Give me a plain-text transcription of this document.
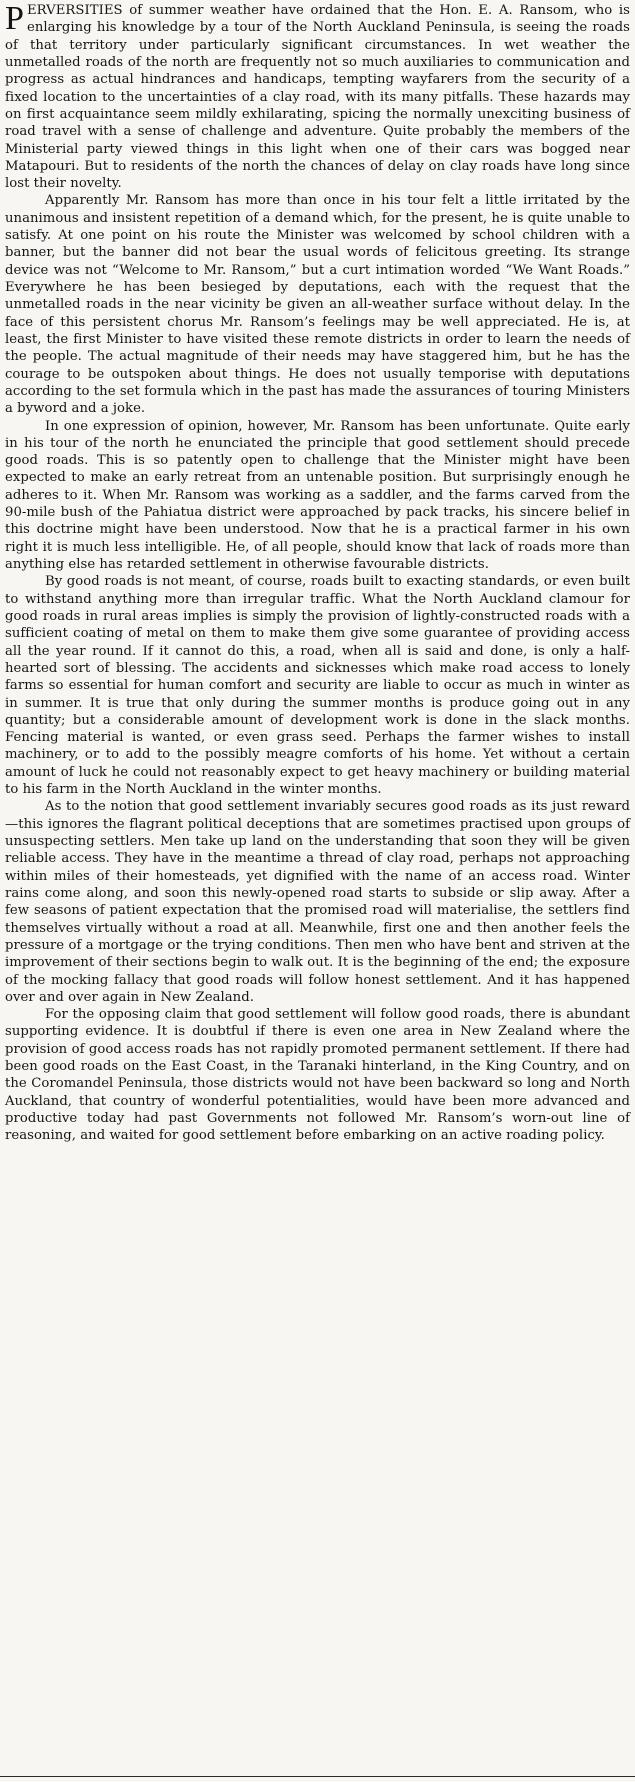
PERVERSITIES of summer weather have ordained that the Hon. E. A. Ransom, who is enlarging his knowledge by a tour of the North Auckland Peninsula, is seeing the roads of that territory under particularly significant circumstances. In wet weather the unmetalled roads of the north are frequently not so much auxiliaries to communication and progress as actual hindrances and handicaps, tempting wayfarers from the security of a fixed location to the uncertainties of a clay road, with its many pitfalls. These hazards may on first acquaintance seem mildly exhilarating, spicing the normally unexciting business of road travel with a sense of challenge and adventure. Quite probably the members of the Ministerial party viewed things in this light when one of their cars was bogged near Matapouri. But to residents of the north the chances of delay on clay roads have long since lost their novelty.

Apparently Mr. Ransom has more than once in his tour felt a little irritated by the unanimous and insistent repetition of a demand which, for the present, he is quite unable to satisfy. At one point on his route the Minister was welcomed by school children with a banner, but the banner did not bear the usual words of felicitous greeting. Its strange device was not “Welcome to Mr. Ransom,” but a curt intimation worded “We Want Roads.” Everywhere he has been besieged by deputations, each with the request that the unmetalled roads in the near vicinity be given an all-weather surface without delay. In the face of this persistent chorus Mr. Ransom’s feelings may be well appreciated. He is, at least, the first Minister to have visited these remote districts in order to learn the needs of the people. The actual magnitude of their needs may have staggered him, but he has the courage to be outspoken about things. He does not usually temporise with deputations according to the set formula which in the past has made the assurances of touring Ministers a byword and a joke.

In one expression of opinion, however, Mr. Ransom has been unfortunate. Quite early in his tour of the north he enunciated the principle that good settlement should precede good roads. This is so patently open to challenge that the Minister might have been expected to make an early retreat from an untenable position. But surprisingly enough he adheres to it. When Mr. Ransom was working as a saddler, and the farms carved from the 90-mile bush of the Pahiatua district were approached by pack tracks, his sincere belief in this doctrine might have been understood. Now that he is a practical farmer in his own right it is much less intelligible. He, of all people, should know that lack of roads more than anything else has retarded settlement in otherwise favourable districts.

By good roads is not meant, of course, roads built to exacting standards, or even built to withstand anything more than irregular traffic. What the North Auckland clamour for good roads in rural areas implies is simply the provision of lightly-constructed roads with a sufficient coating of metal on them to make them give some guarantee of providing access all the year round. If it cannot do this, a road, when all is said and done, is only a half-hearted sort of blessing. The accidents and sicknesses which make road access to lonely farms so essential for human comfort and security are liable to occur as much in winter as in summer. It is true that only during the summer months is produce going out in any quantity; but a considerable amount of development work is done in the slack months. Fencing material is wanted, or even grass seed. Perhaps the farmer wishes to install machinery, or to add to the possibly meagre comforts of his home. Yet without a certain amount of luck he could not reasonably expect to get heavy machinery or building material to his farm in the North Auckland in the winter months.

As to the notion that good settlement invariably secures good roads as its just reward—this ignores the flagrant political deceptions that are sometimes practised upon groups of unsuspecting settlers. Men take up land on the understanding that soon they will be given reliable access. They have in the meantime a thread of clay road, perhaps not approaching within miles of their homesteads, yet dignified with the name of an access road. Winter rains come along, and soon this newly-opened road starts to subside or slip away. After a few seasons of patient expectation that the promised road will materialise, the settlers find themselves virtually without a road at all. Meanwhile, first one and then another feels the pressure of a mortgage or the trying conditions. Then men who have bent and striven at the improvement of their sections begin to walk out. It is the beginning of the end; the exposure of the mocking fallacy that good roads will follow honest settlement. And it has happened over and over again in New Zealand.

For the opposing claim that good settlement will follow good roads, there is abundant supporting evidence. It is doubtful if there is even one area in New Zealand where the provision of good access roads has not rapidly promoted permanent settlement. If there had been good roads on the East Coast, in the Taranaki hinterland, in the King Country, and on the Coromandel Peninsula, those districts would not have been backward so long and North Auckland, that country of wonderful potentialities, would have been more advanced and productive today had past Governments not followed Mr. Ransom’s worn-out line of reasoning, and waited for good settlement before embarking on an active roading policy.
